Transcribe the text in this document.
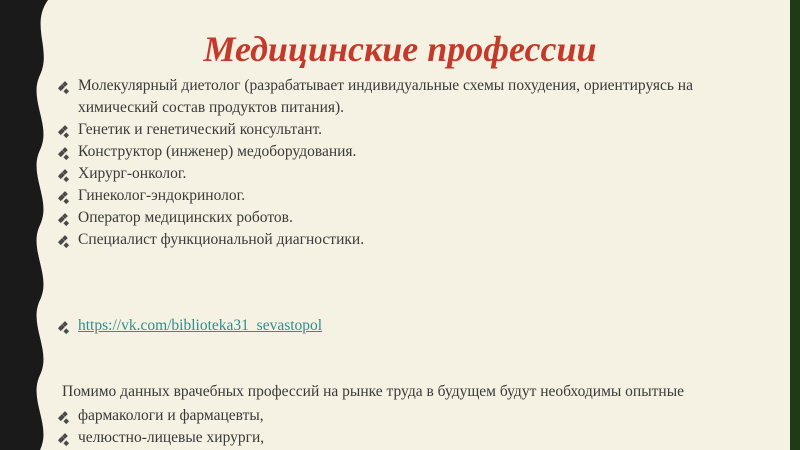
Медицинские профессии
Молекулярный диетолог (разрабатывает индивидуальные схемы похудения, ориентируясь на
химический состав продуктов питания).
Генетик и генетический консультант.
Конструктор (инженер) медоборудования.
Хирург-онколог.
Гинеколог-эндокринолог.
Оператор медицинских роботов.
Специалист функциональной диагностики.
https://vk.com/biblioteka31_sevastopol

Помимо данных врачебных профессий на рынке труда в будущем будут необходимы опытные

фармакологи и фармацевты,
челюстно-лицевые хирурги,
